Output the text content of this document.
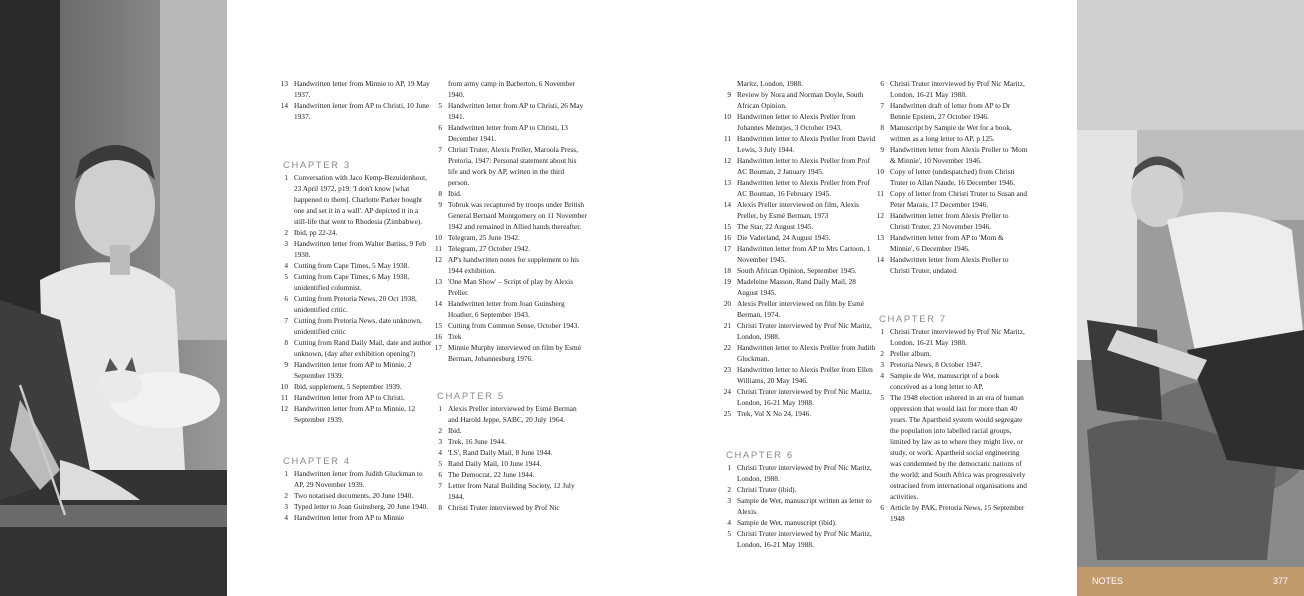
13 Handwritten letter from Minnie to AP, 19 May 1937.
14 Handwritten letter from AP to Christi, 10 June 1937.
CHAPTER 3
1 Conversation with Jaco Kemp-Bezuidenhout, 23 April 1972, p19: 'I don't know [what happened to them]. Charlotte Parker bought one and set it in a wall'. AP depicted it in a still-life that went to Rhodesia (Zimbabwe).
2 Ibid, pp 22-24.
3 Handwritten letter from Walter Battiss, 9 Feb 1938.
4 Cutting from Cape Times, 5 May 1938.
5 Cutting from Cape Times, 6 May 1938, unidentified columnist.
6 Cutting from Pretoria News, 20 Oct 1938, unidentified critic.
7 Cutting from Pretoria News, date unknown, unidentified critic
8 Cutting from Rand Daily Mail, date and author unknown, (day after exhibition opening?)
9 Handwritten letter from AP to Minnie, 2 September 1939.
10 Ibid, supplement, 5 September 1939.
11 Handwritten letter from AP to Christi.
12 Handwritten letter from AP to Minnie, 12 September 1939.
CHAPTER 4
1 Handwritten letter from Judith Gluckman to AP, 29 November 1939.
2 Two notarised documents, 20 June 1940.
3 Typed letter to Joan Guinsberg, 20 June 1940.
4 Handwritten letter from AP to Minnie
from army camp in Barberton, 6 November 1940.
5 Handwritten letter from AP to Christi, 26 May 1941.
6 Handwritten letter from AP to Christi, 13 December 1941.
7 Christi Truter, Alexis Preller, Maroola Press, Pretoria, 1947: Personal statement about his life and work by AP, written in the third person.
8 Ibid.
9 Tobruk was recaptured by troops under British General Bernard Montgomery on 11 November 1942 and remained in Allied hands thereafter.
10 Telegram, 25 June 1942.
11 Telegram, 27 October 1942.
12 AP's handwritten notes for supplement to his 1944 exhibition.
13 'One Man Show' – Script of play by Alexis Preller.
14 Handwritten letter from Joan Guinsberg Hoather, 6 September 1943.
15 Cutting from Common Sense, October 1943.
16 Trek
17 Minnie Murphy interviewed on film by Esmé Berman, Johannesburg 1976.
CHAPTER 5
1 Alexis Preller interviewed by Esmé Berman and Harold Jeppe, SABC, 20 July 1964.
2 Ibid.
3 Trek, 16 June 1944.
4 'LS', Rand Daily Mail, 8 June 1944.
5 Rand Daily Mail, 10 June 1944.
6 The Democrat, 22 June 1944.
7 Letter from Natal Building Society, 12 July 1944.
8 Christi Truter interviewed by Prof Nic
Maritz, London, 1988.
9 Review by Nora and Norman Doyle, South African Opinion.
10 Handwritten letter to Alexis Preller from Johannes Meintjes, 3 October 1943.
11 Handwritten letter to Alexis Preller from David Lewis, 3 July 1944.
12 Handwritten letter to Alexis Preller from Prof AC Bouman, 2 January 1945.
13 Handwritten letter to Alexis Preller from Prof AC Bouman, 16 February 1945.
14 Alexis Preller interviewed on film, Alexis Preller, by Esmé Berman, 1973
15 The Star, 22 August 1945.
16 Die Vaderland, 24 August 1945.
17 Handwritten letter from AP to Mrs Cartoon, 1 November 1945.
18 South African Opinion, September 1945.
19 Madeleine Masson, Rand Daily Mail, 28 August 1945.
20 Alexis Preller interviewed on film by Esmé Berman, 1974.
21 Christi Truter interviewed by Prof Nic Maritz, London, 1988.
22 Handwritten letter to Alexis Preller from Judith Gluckman.
23 Handwritten letter to Alexis Preller from Ellen Williams, 20 May 1946.
24 Christi Truter interviewed by Prof Nic Maritz, London, 16-21 May 1988.
25 Trek, Vol X No 24, 1946.
CHAPTER 6
1 Christi Truter interviewed by Prof Nic Maritz, London, 1988.
2 Christi Truter (ibid).
3 Sampie de Wet, manuscript written as letter to Alexis.
4 Sampie de Wet, manuscript (ibid).
5 Christi Truter interviewed by Prof Nic Maritz, London, 16-21 May 1988.
6 Christi Truter interviewed by Prof Nic Maritz, London, 16-21 May 1988.
7 Handwritten draft of letter from AP to Dr Bennie Epstein, 27 October 1946.
8 Manuscript by Sampie de Wet for a book, written as a long letter to AP, p 125.
9 Handwritten letter from Alexis Preller to 'Mom & Minnie', 10 November 1946.
10 Copy of letter (undespatched) from Christi Truter to Allan Naude, 16 December 1946.
11 Copy of letter from Christi Truter to Susan and Peter Marais, 17 December 1946.
12 Handwritten letter from Alexis Preller to Christi Truter, 23 November 1946.
13 Handwritten letter from AP to 'Mom & Minnie', 6 December 1946.
14 Handwritten letter from Alexis Preller to Christi Truter, undated.
CHAPTER 7
1 Christi Truter interviewed by Prof Nic Maritz, London, 16-21 May 1988.
2 Preller album.
3 Pretoria News, 8 October 1947.
4 Sampie de Wet, manuscript of a book conceived as a long letter to AP.
5 The 1948 election ushered in an era of human oppression that would last for more than 40 years. The Apartheid system would segregate the population into labelled racial groups, limited by law as to where they might live, or study, or work. Apartheid social engineering was condemned by the democratic nations of the world; and South Africa was progressively ostracised from international organisations and activities.
6 Article by PAK, Pretoria News, 15 September 1948
NOTES	377
